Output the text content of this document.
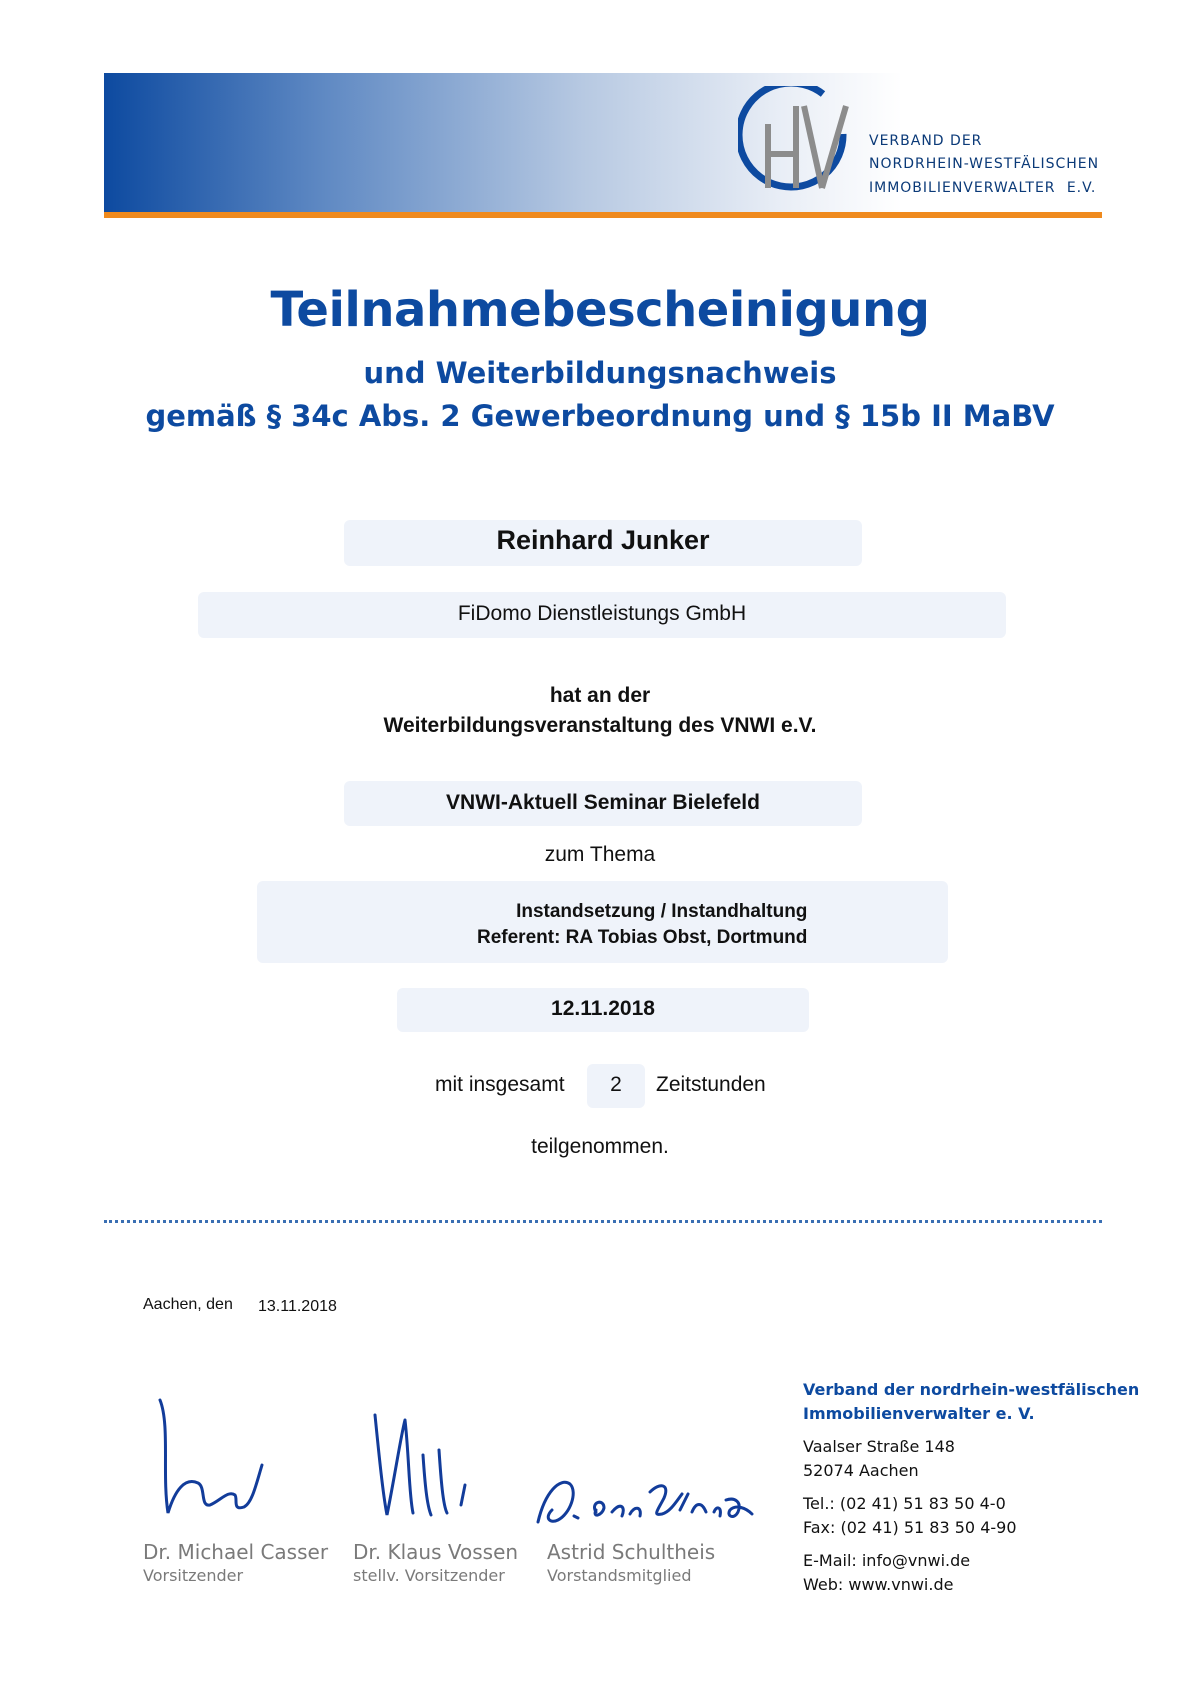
VERBAND DER
NORDRHEIN-WESTFÄLISCHEN
IMMOBILIENVERWALTER E.V.
Teilnahmebescheinigung
und Weiterbildungsnachweis
gemäß § 34c Abs. 2 Gewerbeordnung und § 15b II MaBV
Reinhard Junker
FiDomo Dienstleistungs GmbH
hat an der
Weiterbildungsveranstaltung des VNWI e.V.
VNWI-Aktuell Seminar Bielefeld
zum Thema
Instandsetzung / Instandhaltung
Referent: RA Tobias Obst, Dortmund
12.11.2018
mit insgesamt	2	Zeitstunden
teilgenommen.
Aachen, den 13.11.2018
Dr. Michael Casser
Vorsitzender
Dr. Klaus Vossen
stellv. Vorsitzender
Astrid Schultheis
Vorstandsmitglied
Verband der nordrhein-westfälischen
Immobilienverwalter e. V.
Vaalser Straße 148
52074 Aachen
Tel.: (02 41) 51 83 50 4-0
Fax: (02 41) 51 83 50 4-90
E-Mail: info@vnwi.de
Web: www.vnwi.de
